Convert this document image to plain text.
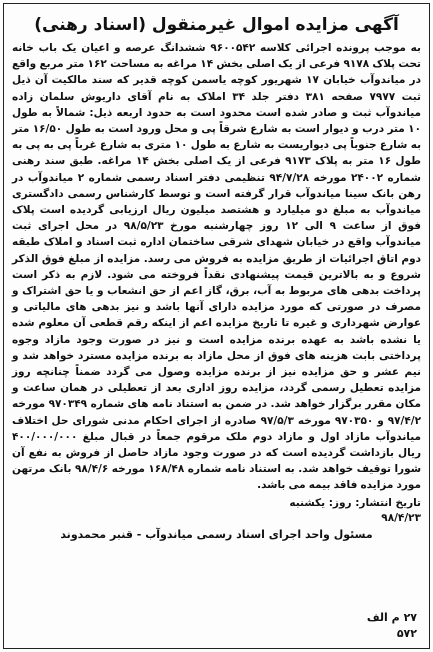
آگهی مزایده اموال غیرمنقول (اسناد رهنی)

به موجب پرونده اجرائی کلاسه ۹۶۰۰۵۴۲ ششدانگ عرصه و اعیان یک باب خانه تحت پلاک ۹۱۷۸ فرعی از یک اصلی بخش ۱۴ مراغه به مساحت ۱۶۲ متر مربع واقع در میاندوآب خیابان ۱۷ شهریور کوچه یاسمن کوچه قدیر که سند مالکیت آن ذیل ثبت ۷۹۷۷ صفحه ۳۸۱ دفتر جلد ۳۴ املاک به نام آقای داریوش سلمان زاده میاندوآب ثبت و صادر شده است محدود است به حدود اربعه ذیل: شمالاً به طول ۱۰ متر درب و دیوار است به شارع شرقاً پی و محل ورود است به طول ۱۶/۵۰ متر به شارع جنوباً پی دیواریست به شارع به طول ۱۰ متری به شارع غرباً پی به پی به طول ۱۶ متر به پلاک ۹۱۷۳ فرعی از یک اصلی بخش ۱۴ مراغه. طبق سند رهنی شماره ۲۴۰۰۲ مورخه ۹۴/۷/۲۸ تنظیمی دفتر اسناد رسمی شماره ۲ میاندوآب در رهن بانک سینا میاندوآب قرار گرفته است و توسط کارشناس رسمی دادگستری میاندوآب به مبلغ دو میلیارد و هشتصد میلیون ریال ارزیابی گردیده است پلاک فوق از ساعت ۹ الی ۱۲ روز چهارشنبه مورخ ۹۸/۵/۲۳ در محل اجرای ثبت میاندوآب واقع در خیابان شهدای شرقی ساختمان اداره ثبت اسناد و املاک طبقه دوم اتاق اجرائیات از طریق مزایده به فروش می رسد. مزایده از مبلغ فوق الذکر شروع و به بالاترین قیمت پیشنهادی نقداً فروخته می شود. لازم به ذکر است پرداخت بدهی های مربوط به آب، برق، گاز اعم از حق انشعاب و یا حق اشتراک و مصرف در صورتی که مورد مزایده دارای آنها باشد و نیز بدهی های مالیاتی و عوارض شهرداری و غیره تا تاریخ مزایده اعم از اینکه رقم قطعی آن معلوم شده یا نشده باشد به عهده برنده مزایده است و نیز در صورت وجود مازاد وجوه پرداختی بابت هزینه های فوق از محل مازاد به برنده مزایده مسترد خواهد شد و نیم عشر و حق مزایده نیز از برنده مزایده وصول می گردد ضمناً چنانچه روز مزایده تعطیل رسمی گردد، مزایده روز اداری بعد از تعطیلی در همان ساعت و مکان مقرر برگزار خواهد شد. در ضمن به استناد نامه های شماره ۹۷۰۳۴۹ مورخه ۹۷/۴/۲ و ۹۷۰۳۵۰ مورخه ۹۷/۵/۳ صادره از اجرای احکام مدنی شورای حل اختلاف میاندوآب مازاد اول و مازاد دوم ملک مرقوم جمعاً در قبال مبلغ ۴۰۰/۰۰۰/۰۰۰ ریال بازداشت گردیده است که در صورت وجود مازاد حاصل از فروش به نفع آن شورا توقیف خواهد شد. به استناد نامه شماره ۱۶۸/۴۸ مورخه ۹۸/۴/۶ بانک مرتهن مورد مزایده فاقد بیمه می باشد.

تاریخ انتشار: روز: یکشنبه
۹۸/۴/۲۳
مسئول واحد اجرای اسناد رسمی میاندوآب - قنبر محمدوند
۲۷ م الف
۵۷۲
